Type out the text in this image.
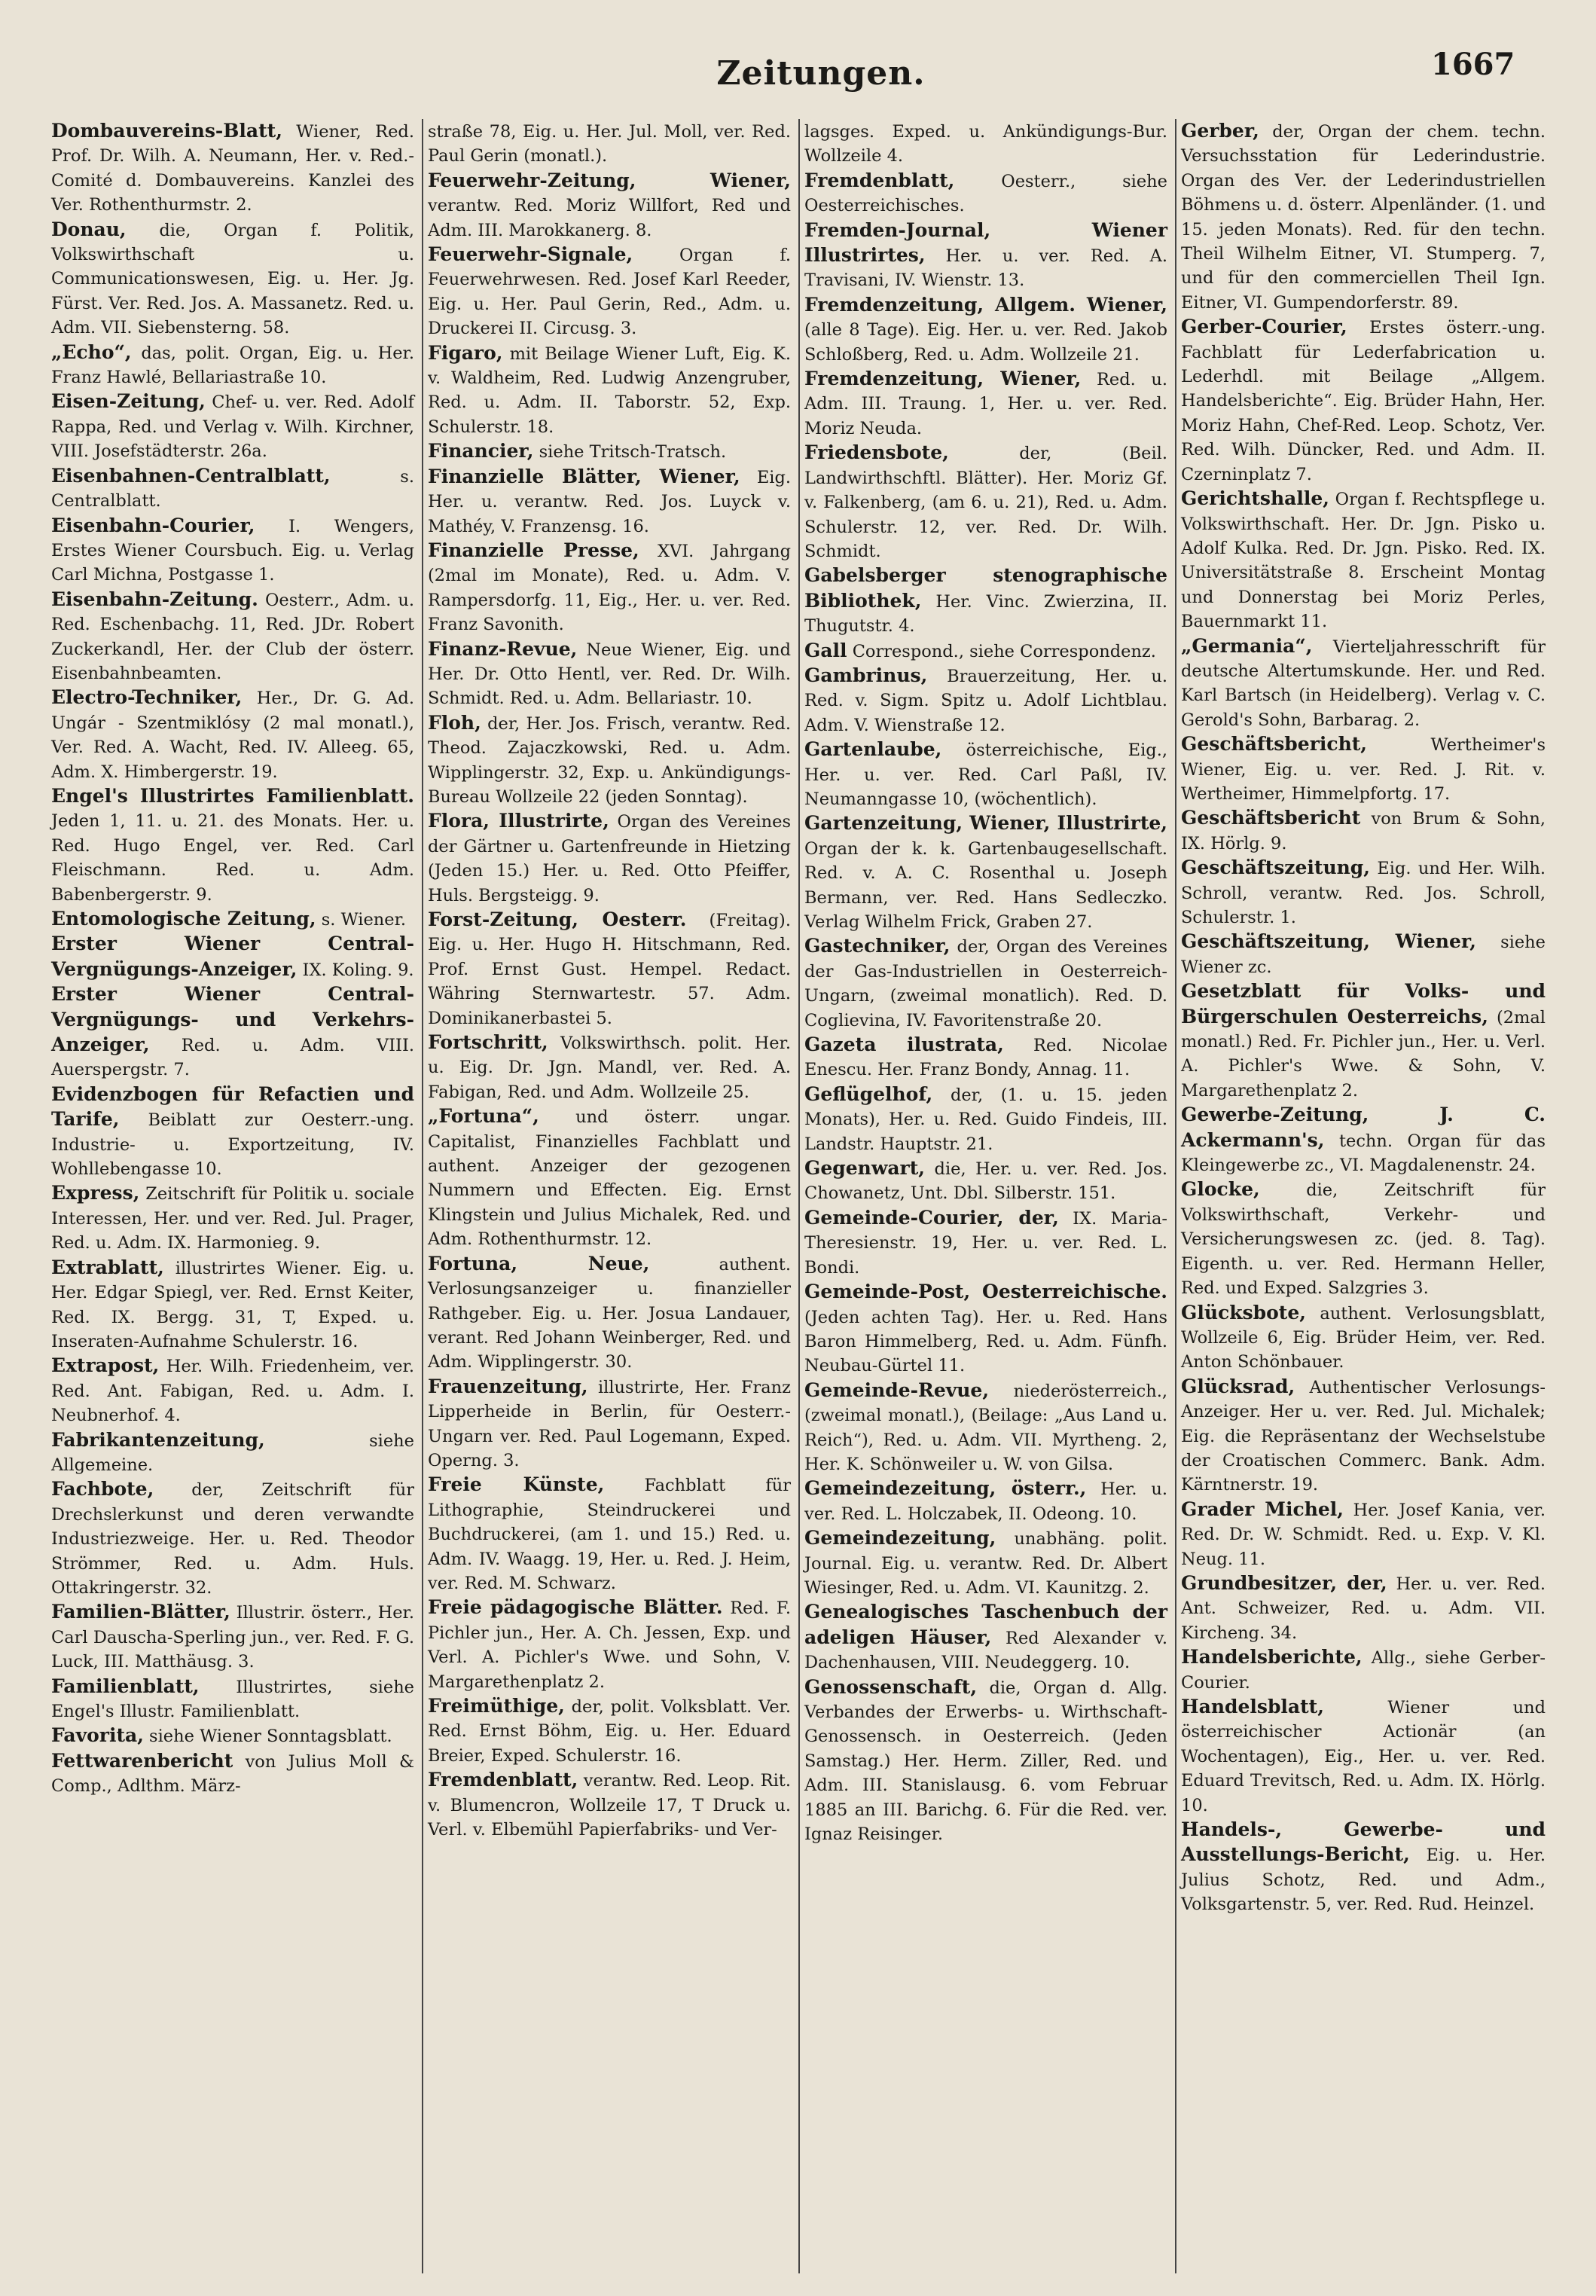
Zeitungen.	1667

Dombauvereins-Blatt, Wiener, Red. Prof. Dr. Wilh. A. Neumann, Her. v. Red.-Comité d. Dombauvereins. Kanzlei des Ver. Rothenthurmstr. 2.

Donau, die, Organ f. Politik, Volkswirthschaft u. Communicationswesen, Eig. u. Her. Jg. Fürst. Ver. Red. Jos. A. Massanetz. Red. u. Adm. VII. Siebensterng. 58.

„Echo“, das, polit. Organ, Eig. u. Her. Franz Hawlé, Bellariastraße 10.

Eisen-Zeitung, Chef- u. ver. Red. Adolf Rappa, Red. und Verlag v. Wilh. Kirchner, VIII. Josefstädterstr. 26a.

Eisenbahnen-Centralblatt, s. Centralblatt.

Eisenbahn-Courier, I. Wengers, Erstes Wiener Coursbuch. Eig. u. Verlag Carl Michna, Postgasse 1.

Eisenbahn-Zeitung. Oesterr., Adm. u. Red. Eschenbachg. 11, Red. JDr. Robert Zuckerkandl, Her. der Club der österr. Eisenbahnbeamten.

Electro-Techniker, Her., Dr. G. Ad. Ungár - Szentmiklósy (2 mal monatl.), Ver. Red. A. Wacht, Red. IV. Alleeg. 65, Adm. X. Himbergerstr. 19.

Engel's Illustrirtes Familienblatt. Jeden 1, 11. u. 21. des Monats. Her. u. Red. Hugo Engel, ver. Red. Carl Fleischmann. Red. u. Adm. Babenbergerstr. 9.

Entomologische Zeitung, s. Wiener.

Erster Wiener Central-Vergnügungs-Anzeiger, IX. Koling. 9.

Erster Wiener Central-Vergnügungs- und Verkehrs-Anzeiger, Red. u. Adm. VIII. Auerspergstr. 7.

Evidenzbogen für Refactien und Tarife, Beiblatt zur Oesterr.-ung. Industrie- u. Exportzeitung, IV. Wohllebengasse 10.

Express, Zeitschrift für Politik u. sociale Interessen, Her. und ver. Red. Jul. Prager, Red. u. Adm. IX. Harmonieg. 9.

Extrablatt, illustrirtes Wiener. Eig. u. Her. Edgar Spiegl, ver. Red. Ernst Keiter, Red. IX. Bergg. 31, T, Exped. u. Inseraten-Aufnahme Schulerstr. 16.

Extrapost, Her. Wilh. Friedenheim, ver. Red. Ant. Fabigan, Red. u. Adm. I. Neubnerhof. 4.

Fabrikantenzeitung, siehe Allgemeine.

Fachbote, der, Zeitschrift für Drechslerkunst und deren verwandte Industriezweige. Her. u. Red. Theodor Strömmer, Red. u. Adm. Huls. Ottakringerstr. 32.

Familien-Blätter, Illustrir. österr., Her. Carl Dauscha-Sperling jun., ver. Red. F. G. Luck, III. Matthäusg. 3.

Familienblatt, Illustrirtes, siehe Engel's Illustr. Familienblatt.

Favorita, siehe Wiener Sonntagsblatt.

Fettwarenbericht von Julius Moll & Comp., Adlthm. März-

straße 78, Eig. u. Her. Jul. Moll, ver. Red. Paul Gerin (monatl.).

Feuerwehr-Zeitung, Wiener, verantw. Red. Moriz Willfort, Red und Adm. III. Marokkanerg. 8.

Feuerwehr-Signale, Organ f. Feuerwehrwesen. Red. Josef Karl Reeder, Eig. u. Her. Paul Gerin, Red., Adm. u. Druckerei II. Circusg. 3.

Figaro, mit Beilage Wiener Luft, Eig. K. v. Waldheim, Red. Ludwig Anzengruber, Red. u. Adm. II. Taborstr. 52, Exp. Schulerstr. 18.

Financier, siehe Tritsch-Tratsch.

Finanzielle Blätter, Wiener, Eig. Her. u. verantw. Red. Jos. Luyck v. Mathéy, V. Franzensg. 16.

Finanzielle Presse, XVI. Jahrgang (2mal im Monate), Red. u. Adm. V. Rampersdorfg. 11, Eig., Her. u. ver. Red. Franz Savonith.

Finanz-Revue, Neue Wiener, Eig. und Her. Dr. Otto Hentl, ver. Red. Dr. Wilh. Schmidt. Red. u. Adm. Bellariastr. 10.

Floh, der, Her. Jos. Frisch, verantw. Red. Theod. Zajaczkowski, Red. u. Adm. Wipplingerstr. 32, Exp. u. Ankündigungs-Bureau Wollzeile 22 (jeden Sonntag).

Flora, Illustrirte, Organ des Vereines der Gärtner u. Gartenfreunde in Hietzing (Jeden 15.) Her. u. Red. Otto Pfeiffer, Huls. Bergsteigg. 9.

Forst-Zeitung, Oesterr. (Freitag). Eig. u. Her. Hugo H. Hitschmann, Red. Prof. Ernst Gust. Hempel. Redact. Währing Sternwartestr. 57. Adm. Dominikanerbastei 5.

Fortschritt, Volkswirthsch. polit. Her. u. Eig. Dr. Jgn. Mandl, ver. Red. A. Fabigan, Red. und Adm. Wollzeile 25.

„Fortuna“, und österr. ungar. Capitalist, Finanzielles Fachblatt und authent. Anzeiger der gezogenen Nummern und Effecten. Eig. Ernst Klingstein und Julius Michalek, Red. und Adm. Rothenthurmstr. 12.

Fortuna, Neue, authent. Verlosungsanzeiger u. finanzieller Rathgeber. Eig. u. Her. Josua Landauer, verant. Red Johann Weinberger, Red. und Adm. Wipplingerstr. 30.

Frauenzeitung, illustrirte, Her. Franz Lipperheide in Berlin, für Oesterr.-Ungarn ver. Red. Paul Logemann, Exped. Operng. 3.

Freie Künste, Fachblatt für Lithographie, Steindruckerei und Buchdruckerei, (am 1. und 15.) Red. u. Adm. IV. Waagg. 19, Her. u. Red. J. Heim, ver. Red. M. Schwarz.

Freie pädagogische Blätter. Red. F. Pichler jun., Her. A. Ch. Jessen, Exp. und Verl. A. Pichler's Wwe. und Sohn, V. Margarethenplatz 2.

Freimüthige, der, polit. Volksblatt. Ver. Red. Ernst Böhm, Eig. u. Her. Eduard Breier, Exped. Schulerstr. 16.

Fremdenblatt, verantw. Red. Leop. Rit. v. Blumencron, Wollzeile 17, T Druck u. Verl. v. Elbemühl Papierfabriks- und Ver-

lagsges. Exped. u. Ankündigungs-Bur. Wollzeile 4.

Fremdenblatt, Oesterr., siehe Oesterreichisches.

Fremden-Journal, Wiener Illustrirtes, Her. u. ver. Red. A. Travisani, IV. Wienstr. 13.

Fremdenzeitung, Allgem. Wiener, (alle 8 Tage). Eig. Her. u. ver. Red. Jakob Schloßberg, Red. u. Adm. Wollzeile 21.

Fremdenzeitung, Wiener, Red. u. Adm. III. Traung. 1, Her. u. ver. Red. Moriz Neuda.

Friedensbote, der, (Beil. Landwirthschftl. Blätter). Her. Moriz Gf. v. Falkenberg, (am 6. u. 21), Red. u. Adm. Schulerstr. 12, ver. Red. Dr. Wilh. Schmidt.

Gabelsberger stenographische Bibliothek, Her. Vinc. Zwierzina, II. Thugutstr. 4.

Gall Correspond., siehe Correspondenz.

Gambrinus, Brauerzeitung, Her. u. Red. v. Sigm. Spitz u. Adolf Lichtblau. Adm. V. Wienstraße 12.

Gartenlaube, österreichische, Eig., Her. u. ver. Red. Carl Paßl, IV. Neumanngasse 10, (wöchentlich).

Gartenzeitung, Wiener, Illustrirte, Organ der k. k. Gartenbaugesellschaft. Red. v. A. C. Rosenthal u. Joseph Bermann, ver. Red. Hans Sedleczko. Verlag Wilhelm Frick, Graben 27.

Gastechniker, der, Organ des Vereines der Gas-Industriellen in Oesterreich-Ungarn, (zweimal monatlich). Red. D. Coglievina, IV. Favoritenstraße 20.

Gazeta ilustrata, Red. Nicolae Enescu. Her. Franz Bondy, Annag. 11.

Geflügelhof, der, (1. u. 15. jeden Monats), Her. u. Red. Guido Findeis, III. Landstr. Hauptstr. 21.

Gegenwart, die, Her. u. ver. Red. Jos. Chowanetz, Unt. Dbl. Silberstr. 151.

Gemeinde-Courier, der, IX. Maria-Theresienstr. 19, Her. u. ver. Red. L. Bondi.

Gemeinde-Post, Oesterreichische. (Jeden achten Tag). Her. u. Red. Hans Baron Himmelberg, Red. u. Adm. Fünfh. Neubau-Gürtel 11.

Gemeinde-Revue, niederösterreich., (zweimal monatl.), (Beilage: „Aus Land u. Reich“), Red. u. Adm. VII. Myrtheng. 2, Her. K. Schönweiler u. W. von Gilsa.

Gemeindezeitung, österr., Her. u. ver. Red. L. Holczabek, II. Odeong. 10.

Gemeindezeitung, unabhäng. polit. Journal. Eig. u. verantw. Red. Dr. Albert Wiesinger, Red. u. Adm. VI. Kaunitzg. 2.

Genealogisches Taschenbuch der adeligen Häuser, Red Alexander v. Dachenhausen, VIII. Neudeggerg. 10.

Genossenschaft, die, Organ d. Allg. Verbandes der Erwerbs- u. Wirthschaft-Genossensch. in Oesterreich. (Jeden Samstag.) Her. Herm. Ziller, Red. und Adm. III. Stanislausg. 6. vom Februar 1885 an III. Barichg. 6. Für die Red. ver. Ignaz Reisinger.

Gerber, der, Organ der chem. techn. Versuchsstation für Lederindustrie. Organ des Ver. der Lederindustriellen Böhmens u. d. österr. Alpenländer. (1. und 15. jeden Monats). Red. für den techn. Theil Wilhelm Eitner, VI. Stumperg. 7, und für den commerciellen Theil Ign. Eitner, VI. Gumpendorferstr. 89.

Gerber-Courier, Erstes österr.-ung. Fachblatt für Lederfabrication u. Lederhdl. mit Beilage „Allgem. Handelsberichte“. Eig. Brüder Hahn, Her. Moriz Hahn, Chef-Red. Leop. Schotz, Ver. Red. Wilh. Düncker, Red. und Adm. II. Czerninplatz 7.

Gerichtshalle, Organ f. Rechtspflege u. Volkswirthschaft. Her. Dr. Jgn. Pisko u. Adolf Kulka. Red. Dr. Jgn. Pisko. Red. IX. Universitätstraße 8. Erscheint Montag und Donnerstag bei Moriz Perles, Bauernmarkt 11.

„Germania“, Vierteljahresschrift für deutsche Altertumskunde. Her. und Red. Karl Bartsch (in Heidelberg). Verlag v. C. Gerold's Sohn, Barbarag. 2.

Geschäftsbericht, Wertheimer's Wiener, Eig. u. ver. Red. J. Rit. v. Wertheimer, Himmelpfortg. 17.

Geschäftsbericht von Brum & Sohn, IX. Hörlg. 9.

Geschäftszeitung, Eig. und Her. Wilh. Schroll, verantw. Red. Jos. Schroll, Schulerstr. 1.

Geschäftszeitung, Wiener, siehe Wiener zc.

Gesetzblatt für Volks- und Bürgerschulen Oesterreichs, (2mal monatl.) Red. Fr. Pichler jun., Her. u. Verl. A. Pichler's Wwe. & Sohn, V. Margarethenplatz 2.

Gewerbe-Zeitung, J. C. Ackermann's, techn. Organ für das Kleingewerbe zc., VI. Magdalenenstr. 24.

Glocke, die, Zeitschrift für Volkswirthschaft, Verkehr- und Versicherungswesen zc. (jed. 8. Tag). Eigenth. u. ver. Red. Hermann Heller, Red. und Exped. Salzgries 3.

Glücksbote, authent. Verlosungsblatt, Wollzeile 6, Eig. Brüder Heim, ver. Red. Anton Schönbauer.

Glücksrad, Authentischer Verlosungs-Anzeiger. Her u. ver. Red. Jul. Michalek; Eig. die Repräsentanz der Wechselstube der Croatischen Commerc. Bank. Adm. Kärntnerstr. 19.

Grader Michel, Her. Josef Kania, ver. Red. Dr. W. Schmidt. Red. u. Exp. V. Kl. Neug. 11.

Grundbesitzer, der, Her. u. ver. Red. Ant. Schweizer, Red. u. Adm. VII. Kircheng. 34.

Handelsberichte, Allg., siehe Gerber-Courier.

Handelsblatt, Wiener und österreichischer Actionär (an Wochentagen), Eig., Her. u. ver. Red. Eduard Trevitsch, Red. u. Adm. IX. Hörlg. 10.

Handels-, Gewerbe- und Ausstellungs-Bericht, Eig. u. Her. Julius Schotz, Red. und Adm., Volksgartenstr. 5, ver. Red. Rud. Heinzel.
